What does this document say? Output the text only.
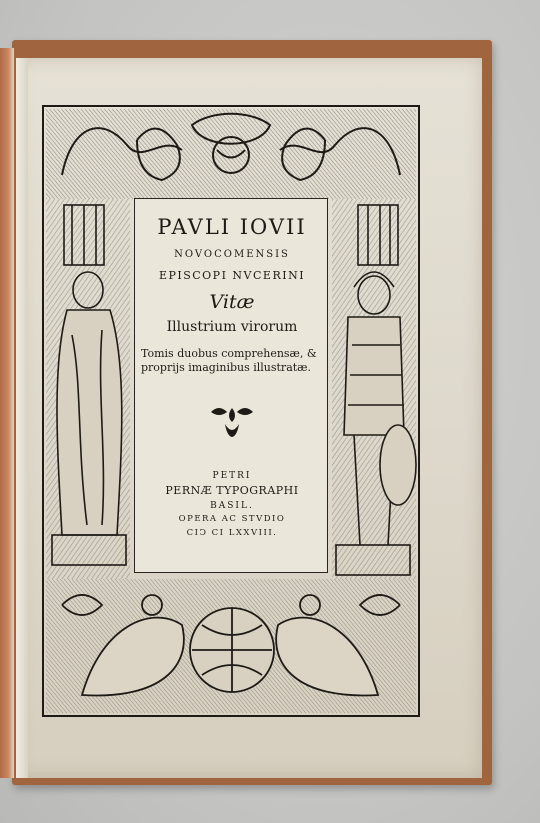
PAVLI IOVII
NOVOCOMENSIS
EPISCOPI NVCERINI
Vitæ
Illustrium virorum
Tomis duobus comprehensæ, & proprijs imaginibus illustratæ.
PETRI
PERNÆ TYPOGRAPHI
BASIL.
OPERA AC STVDIO
CIↃ CI LXXVIII.
